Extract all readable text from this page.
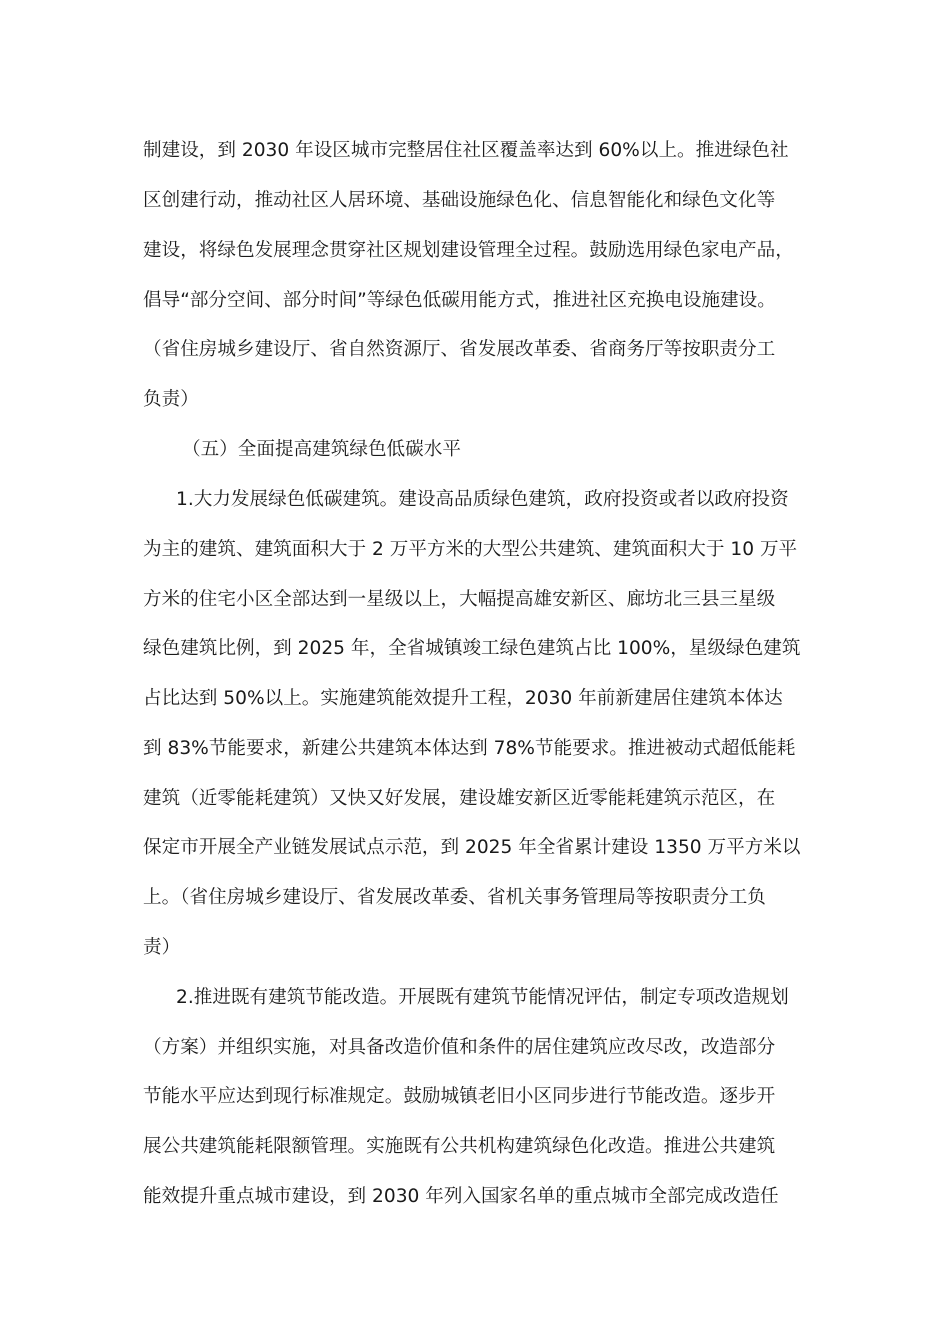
制建设，到 2030 年设区城市完整居住社区覆盖率达到 60%以上。推进绿色社
区创建行动，推动社区人居环境、基础设施绿色化、信息智能化和绿色文化等
建设，将绿色发展理念贯穿社区规划建设管理全过程。鼓励选用绿色家电产品，
倡导“部分空间、部分时间”等绿色低碳用能方式，推进社区充换电设施建设。
（省住房城乡建设厅、省自然资源厅、省发展改革委、省商务厅等按职责分工
负责）
（五）全面提高建筑绿色低碳水平
1.大力发展绿色低碳建筑。建设高品质绿色建筑，政府投资或者以政府投资
为主的建筑、建筑面积大于 2 万平方米的大型公共建筑、建筑面积大于 10 万平
方米的住宅小区全部达到一星级以上，大幅提高雄安新区、廊坊北三县三星级
绿色建筑比例，到 2025 年，全省城镇竣工绿色建筑占比 100%，星级绿色建筑
占比达到 50%以上。实施建筑能效提升工程，2030 年前新建居住建筑本体达
到 83%节能要求，新建公共建筑本体达到 78%节能要求。推进被动式超低能耗
建筑（近零能耗建筑）又快又好发展，建设雄安新区近零能耗建筑示范区，在
保定市开展全产业链发展试点示范，到 2025 年全省累计建设 1350 万平方米以
上。（省住房城乡建设厅、省发展改革委、省机关事务管理局等按职责分工负
责）
2.推进既有建筑节能改造。开展既有建筑节能情况评估，制定专项改造规划
（方案）并组织实施，对具备改造价值和条件的居住建筑应改尽改，改造部分
节能水平应达到现行标准规定。鼓励城镇老旧小区同步进行节能改造。逐步开
展公共建筑能耗限额管理。实施既有公共机构建筑绿色化改造。推进公共建筑
能效提升重点城市建设，到 2030 年列入国家名单的重点城市全部完成改造任
